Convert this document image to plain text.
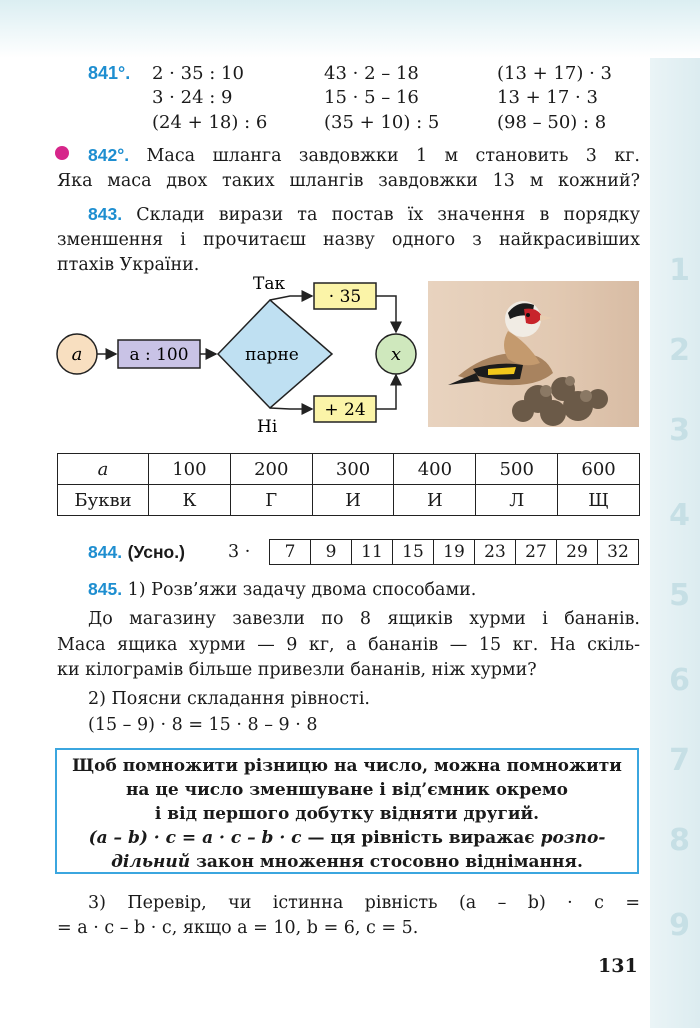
1
2
3
4
5
6
7
8
9
841°. 2 · 35 : 10	43 · 2 – 18	(13 + 17) · 3
3 · 24 : 9	15 · 5 – 16	13 + 17 · 3
(24 + 18) : 6	(35 + 10) : 5	(98 – 50) : 8
842°. Маса шланга завдовжки 1 м становить 3 кг.
Яка маса двох таких шлангів завдовжки 13 м кожний?
843. Склади вирази та постав їх значення в порядку
зменшення і прочитаєш назву одного з найкрасивіших
птахів України.
a	a : 100	парне
Так
Ні
· 35
+ 24
x
a	100	200	300	400	500	600
Букви	К	Г	И	И	Л	Щ
844. (Усно.) 3 · 7	9	11	15	19	23	27	29	32
845. 1) Розв’яжи задачу двома способами.
До магазину завезли по 8 ящиків хурми і бананів.
Маса ящика хурми — 9 кг, а бананів — 15 кг. На скіль-
ки кілограмів більше привезли бананів, ніж хурми?
2) Поясни складання рівності.
(15 – 9) · 8 = 15 · 8 – 9 · 8
Щоб помножити різницю на число, можна помножити
на це число зменшуване і від’ємник окремо
і від першого добутку відняти другий.
(a – b) · c = a · c – b · c — ця рівність виражає розпо-
дільний закон множення стосовно віднімання.
3) Перевір, чи істинна рівність (a – b) · c =
= a · c – b · c, якщо a = 10, b = 6, c = 5.
131
